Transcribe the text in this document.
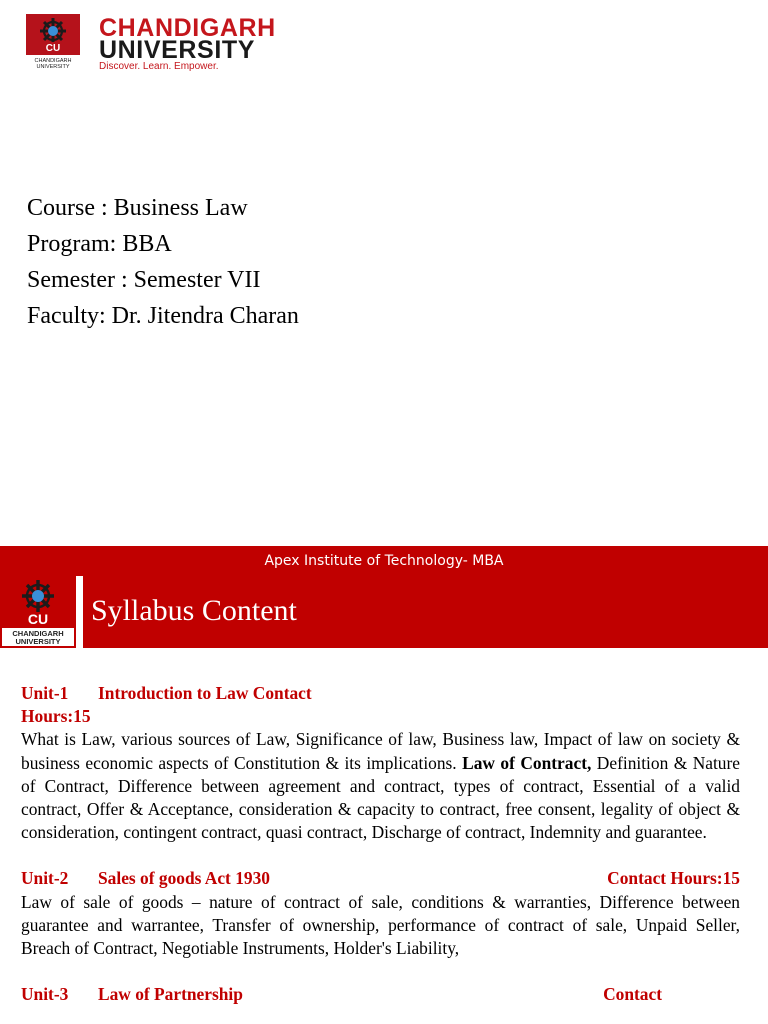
CU
CHANDIGARH
UNIVERSITY
CHANDIGARH
UNIVERSITY
Discover. Learn. Empower.
Course : Business Law
Program: BBA
Semester : Semester VII
Faculty: Dr. Jitendra Charan
Apex Institute of Technology- MBA
CU
CHANDIGARH
UNIVERSITY
Syllabus Content
Unit-1 Introduction to Law Contact
Hours:15
What is Law, various sources of Law, Significance of law, Business law, Impact of law on society & business economic aspects of Constitution & its implications. Law of Contract, Definition & Nature of Contract, Difference between agreement and contract, types of contract, Essential of a valid contract, Offer & Acceptance, consideration & capacity to contract, free consent, legality of object & consideration, contingent contract, quasi contract, Discharge of contract, Indemnity and guarantee.
Unit-2 Sales of goods Act 1930	Contact Hours:15
Law of sale of goods – nature of contract of sale, conditions & warranties, Difference between guarantee and warrantee, Transfer of ownership, performance of contract of sale, Unpaid Seller, Breach of Contract, Negotiable Instruments, Holder's Liability,
Unit-3 Law of Partnership	Contact
